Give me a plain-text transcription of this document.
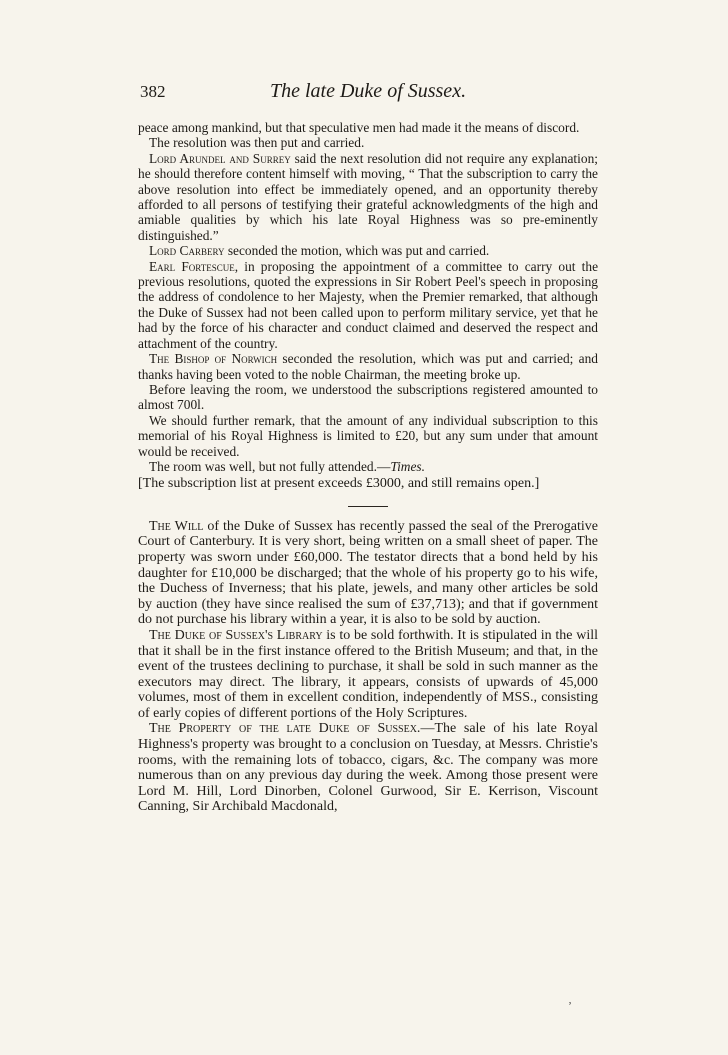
382	The late Duke of Sussex.

peace among mankind, but that speculative men had made it the means of discord.

The resolution was then put and carried.

Lord Arundel and Surrey said the next resolution did not require any explanation; he should therefore content himself with moving, “ That the subscription to carry the above resolution into effect be immediately opened, and an opportunity thereby afforded to all persons of testifying their grateful acknowledgments of the high and amiable qualities by which his late Royal Highness was so pre-eminently distinguished.”

Lord Carbery seconded the motion, which was put and carried.

Earl Fortescue, in proposing the appointment of a committee to carry out the previous resolutions, quoted the expressions in Sir Robert Peel's speech in proposing the address of condolence to her Majesty, when the Premier remarked, that although the Duke of Sussex had not been called upon to perform military service, yet that he had by the force of his character and conduct claimed and deserved the respect and attachment of the country.

The Bishop of Norwich seconded the resolution, which was put and carried; and thanks having been voted to the noble Chairman, the meeting broke up.

Before leaving the room, we understood the subscriptions registered amounted to almost 700l.

We should further remark, that the amount of any individual subscription to this memorial of his Royal Highness is limited to £20, but any sum under that amount would be received.

The room was well, but not fully attended.—Times.

[The subscription list at present exceeds £3000, and still remains open.]

The Will of the Duke of Sussex has recently passed the seal of the Prerogative Court of Canterbury. It is very short, being written on a small sheet of paper. The property was sworn under £60,000. The testator directs that a bond held by his daughter for £10,000 be discharged; that the whole of his property go to his wife, the Duchess of Inverness; that his plate, jewels, and many other articles be sold by auction (they have since realised the sum of £37,713); and that if government do not purchase his library within a year, it is also to be sold by auction.

The Duke of Sussex's Library is to be sold forthwith. It is stipulated in the will that it shall be in the first instance offered to the British Museum; and that, in the event of the trustees declining to purchase, it shall be sold in such manner as the executors may direct. The library, it appears, consists of upwards of 45,000 volumes, most of them in excellent condition, independently of MSS., consisting of early copies of different portions of the Holy Scriptures.

The Property of the late Duke of Sussex.—The sale of his late Royal Highness's property was brought to a conclusion on Tuesday, at Messrs. Christie's rooms, with the remaining lots of tobacco, cigars, &c. The company was more numerous than on any previous day during the week. Among those present were Lord M. Hill, Lord Dinorben, Colonel Gurwood, Sir E. Kerrison, Viscount Canning, Sir Archibald Macdonald,

‚
